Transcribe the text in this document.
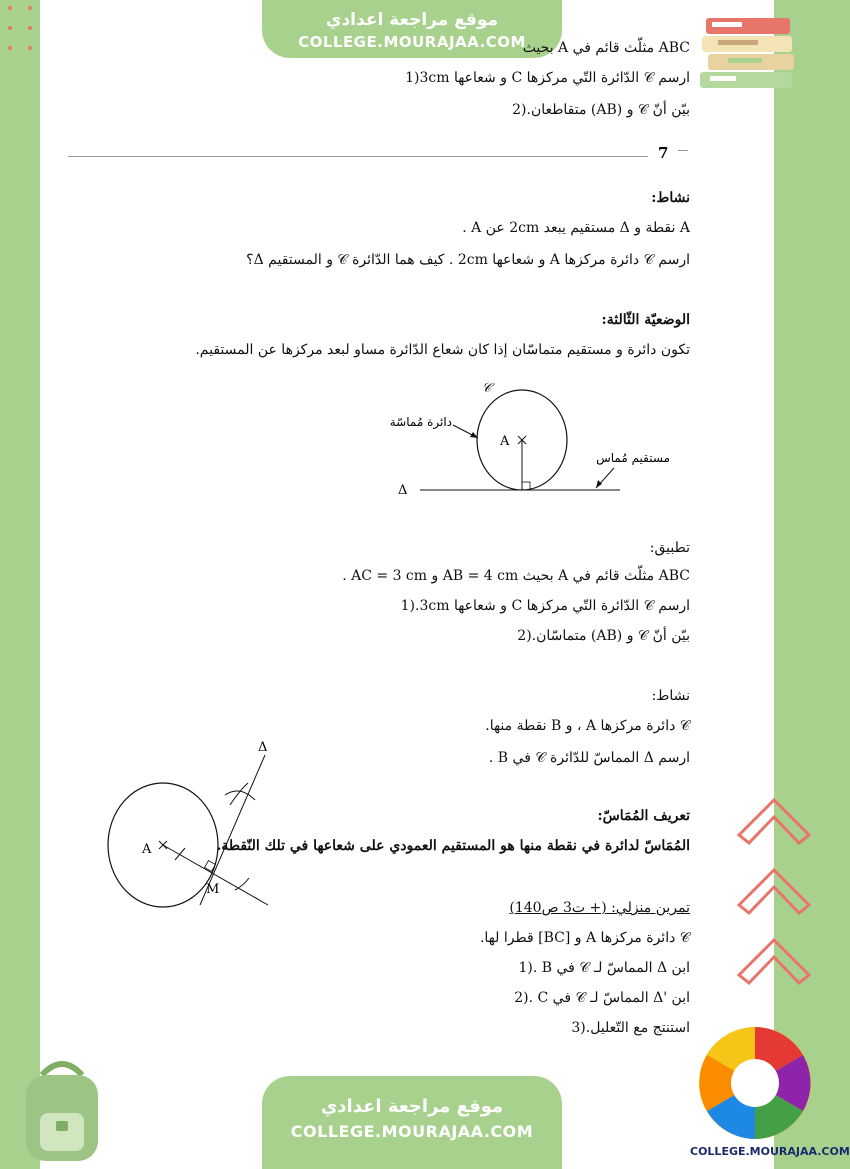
موقع مراجعة اعدادي
COLLEGE.MOURAJAA.COM
ABC مثلّث قائم في A بحيث
ارسم 𝒞 الدّائرة التّي مركزها C و شعاعها 3cm(1
بيّن أنّ 𝒞 و (AB) متقاطعان.(2
7
نشاط:
A نقطة و Δ مستقيم يبعد 2cm عن A .
ارسم 𝒞 دائرة مركزها A و شعاعها 2cm . كيف هما الدّائرة 𝒞 و المستقيم Δ؟
الوضعيّة الثّالثة:
تكون دائرة و مستقيم متماسّان إذا كان شعاع الدّائرة مساو لبعد مركزها عن المستقيم.
𝒞
A
دائرة مُماسّة
مستقيم مُماس
Δ
تطبيق:
ABC مثلّث قائم في A بحيث AB = 4 cm و AC = 3 cm .
ارسم 𝒞 الدّائرة التّي مركزها C و شعاعها 3cm.(1
بيّن أنّ 𝒞 و (AB) متماسّان.(2
نشاط:
𝒞 دائرة مركزها A ، و B نقطة منها.
ارسم Δ المماسّ للدّائرة 𝒞 في B .
Δ
A
M
تعريف المُمَاسّ:
المُمَاسّ لدائرة في نقطة منها هو المستقيم العمودي على شعاعها في تلك النّقطة.
تمرين منزلي: (+ ت3 ص140)
𝒞 دائرة مركزها A و [BC] قطرا لها.
ابن Δ المماسّ لـ 𝒞 في B .(1
ابن 'Δ المماسّ لـ 𝒞 في C .(2
استنتج مع التّعليل.(3
COLLEGE.MOURAJAA.COM
موقع مراجعة اعدادي
COLLEGE.MOURAJAA.COM
